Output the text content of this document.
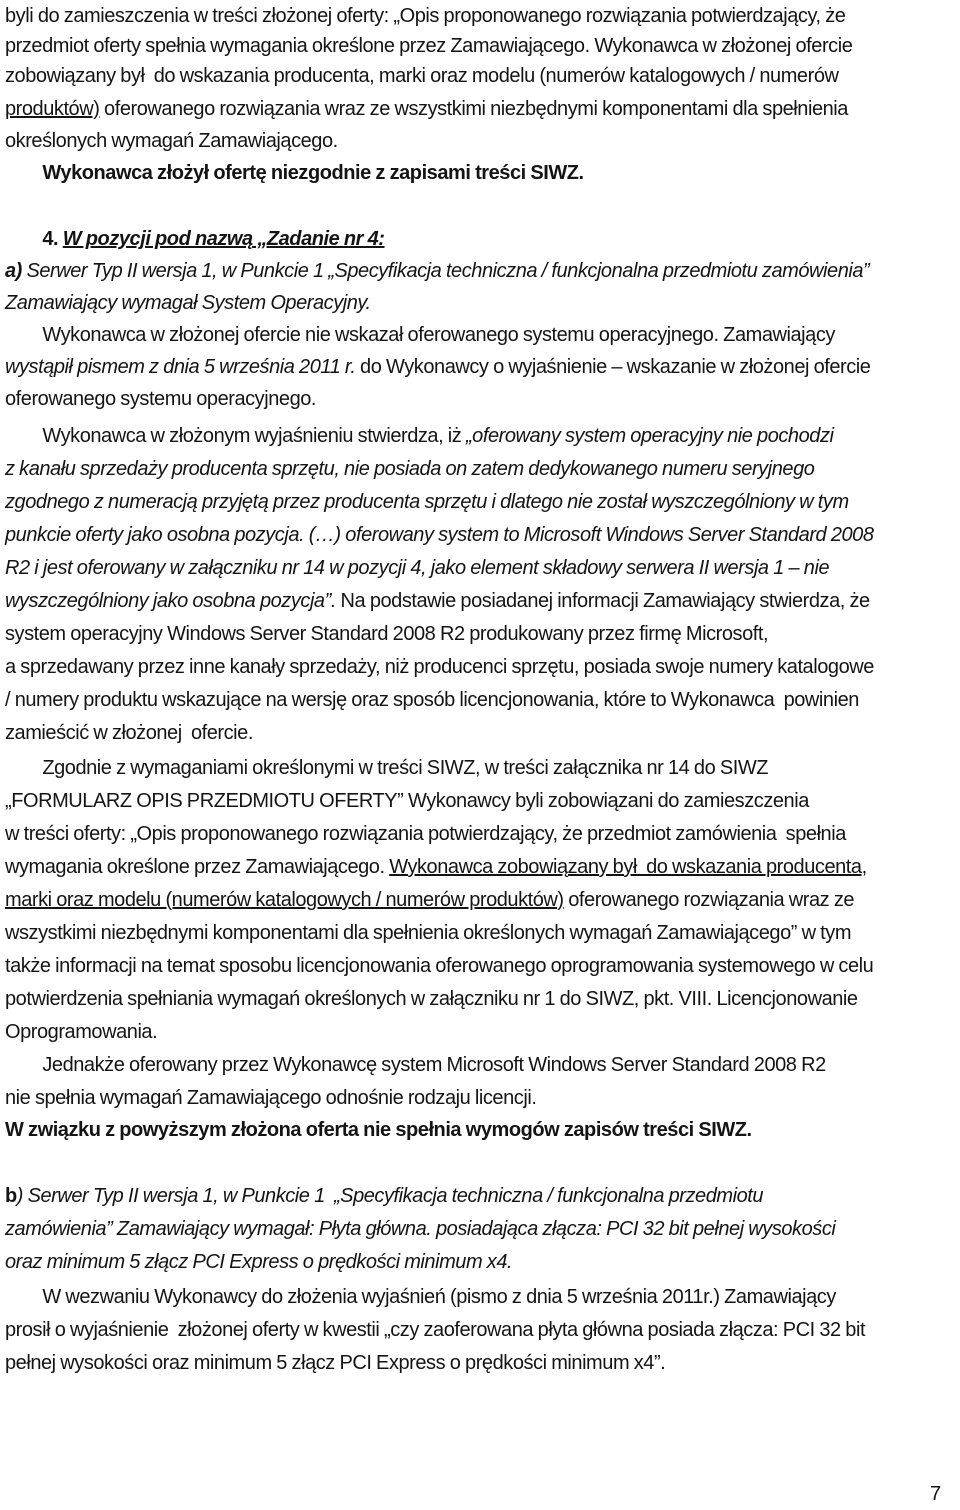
byli do zamieszczenia w treści złożonej oferty: „Opis proponowanego rozwiązania potwierdzający, że
przedmiot oferty spełnia wymagania określone przez Zamawiającego. Wykonawca w złożonej ofercie
zobowiązany był  do wskazania producenta, marki oraz modelu (numerów katalogowych / numerów
produktów) oferowanego rozwiązania wraz ze wszystkimi niezbędnymi komponentami dla spełnienia
określonych wymagań Zamawiającego.
Wykonawca złożył ofertę niezgodnie z zapisami treści SIWZ.
4. W pozycji pod nazwą „Zadanie nr 4:
a) Serwer Typ II wersja 1, w Punkcie 1 „Specyfikacja techniczna / funkcjonalna przedmiotu zamówienia”
Zamawiający wymagał System Operacyjny.
Wykonawca w złożonej ofercie nie wskazał oferowanego systemu operacyjnego. Zamawiający
wystąpił pismem z dnia 5 września 2011 r. do Wykonawcy o wyjaśnienie – wskazanie w złożonej ofercie
oferowanego systemu operacyjnego.
Wykonawca w złożonym wyjaśnieniu stwierdza, iż „oferowany system operacyjny nie pochodzi
z kanału sprzedaży producenta sprzętu, nie posiada on zatem dedykowanego numeru seryjnego
zgodnego z numeracją przyjętą przez producenta sprzętu i dlatego nie został wyszczególniony w tym
punkcie oferty jako osobna pozycja. (…) oferowany system to Microsoft Windows Server Standard 2008
R2 i jest oferowany w załączniku nr 14 w pozycji 4, jako element składowy serwera II wersja 1 – nie
wyszczególniony jako osobna pozycja”. Na podstawie posiadanej informacji Zamawiający stwierdza, że
system operacyjny Windows Server Standard 2008 R2 produkowany przez firmę Microsoft,
a sprzedawany przez inne kanały sprzedaży, niż producenci sprzętu, posiada swoje numery katalogowe
/ numery produktu wskazujące na wersję oraz sposób licencjonowania, które to Wykonawca  powinien
zamieścić w złożonej  ofercie.
Zgodnie z wymaganiami określonymi w treści SIWZ, w treści załącznika nr 14 do SIWZ
„FORMULARZ OPIS PRZEDMIOTU OFERTY” Wykonawcy byli zobowiązani do zamieszczenia
w treści oferty: „Opis proponowanego rozwiązania potwierdzający, że przedmiot zamówienia  spełnia
wymagania określone przez Zamawiającego. Wykonawca zobowiązany był  do wskazania producenta,
marki oraz modelu (numerów katalogowych / numerów produktów) oferowanego rozwiązania wraz ze
wszystkimi niezbędnymi komponentami dla spełnienia określonych wymagań Zamawiającego” w tym
także informacji na temat sposobu licencjonowania oferowanego oprogramowania systemowego w celu
potwierdzenia spełniania wymagań określonych w załączniku nr 1 do SIWZ, pkt. VIII. Licencjonowanie
Oprogramowania.
Jednakże oferowany przez Wykonawcę system Microsoft Windows Server Standard 2008 R2
nie spełnia wymagań Zamawiającego odnośnie rodzaju licencji.
W związku z powyższym złożona oferta nie spełnia wymogów zapisów treści SIWZ.
b) Serwer Typ II wersja 1, w Punkcie 1  „Specyfikacja techniczna / funkcjonalna przedmiotu
zamówienia” Zamawiający wymagał: Płyta główna. posiadająca złącza: PCI 32 bit pełnej wysokości
oraz minimum 5 złącz PCI Express o prędkości minimum x4.
W wezwaniu Wykonawcy do złożenia wyjaśnień (pismo z dnia 5 września 2011r.) Zamawiający
prosił o wyjaśnienie  złożonej oferty w kwestii „czy zaoferowana płyta główna posiada złącza: PCI 32 bit
pełnej wysokości oraz minimum 5 złącz PCI Express o prędkości minimum x4”.
7
